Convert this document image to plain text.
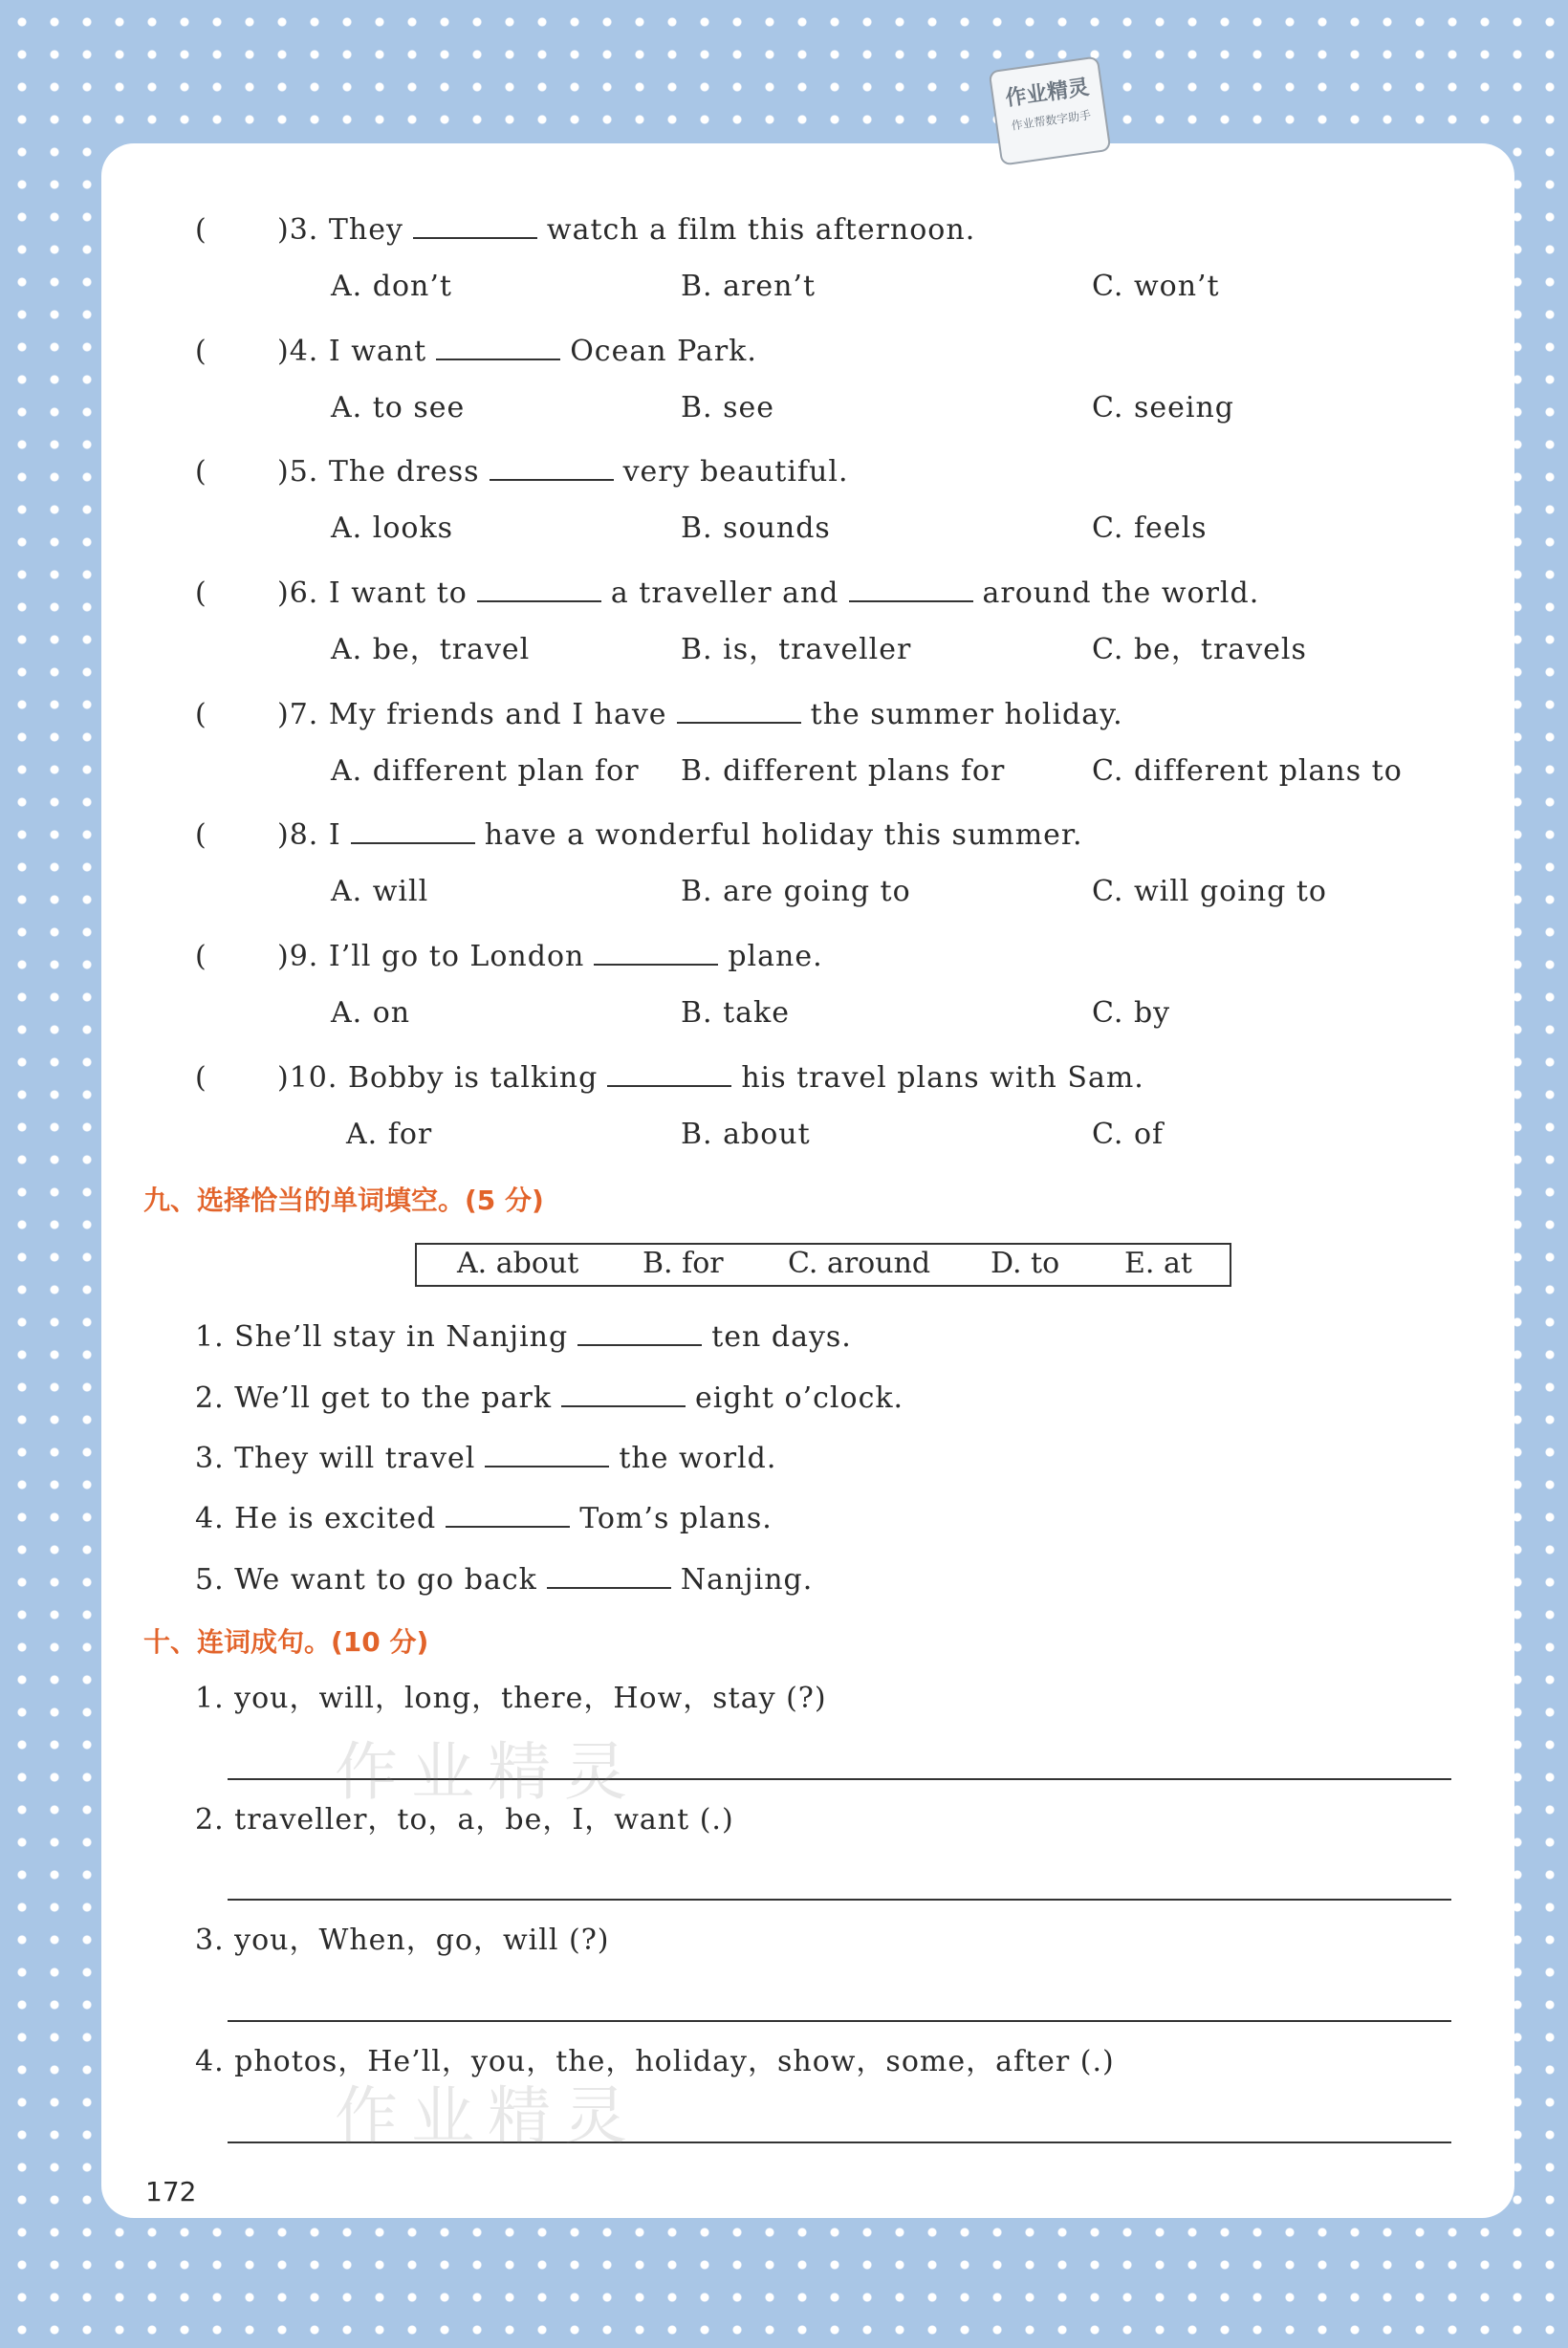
作业精灵
作业帮数字助手
( )3. They	watch a film this afternoon.
A. don’t	B. aren’t	C. won’t
( )4. I want	Ocean Park.
A. to see	B. see	C. seeing
( )5. The dress	very beautiful.
A. looks	B. sounds	C. feels
( )6. I want to	a traveller and	around the world.
A. be，travel	B. is，traveller	C. be，travels
( )7. My friends and I have	the summer holiday.
A. different plan for B. different plans for	C. different plans to
( )8. I	have a wonderful holiday this summer.
A. will	B. are going to	C. will going to
( )9. I’ll go to London	plane.
A. on	B. take	C. by
( )10. Bobby is talking	his travel plans with Sam.
A. for	B. about	C. of
九、选择恰当的单词填空。(5 分)
A. about B. for C. around D. to E. at
1. She’ll stay in Nanjing	ten days.
2. We’ll get to the park	eight o’clock.
3. They will travel	the world.
4. He is excited	Tom’s plans.
5. We want to go back	Nanjing.
十、连词成句。(10 分)
1. you，will，long，there，How，stay (?)
2. traveller，to，a，be，I，want (.)
3. you，When，go，will (?)
4. photos，He’ll，you，the，holiday，show，some，after (.)
作业精灵
作业精灵
172
